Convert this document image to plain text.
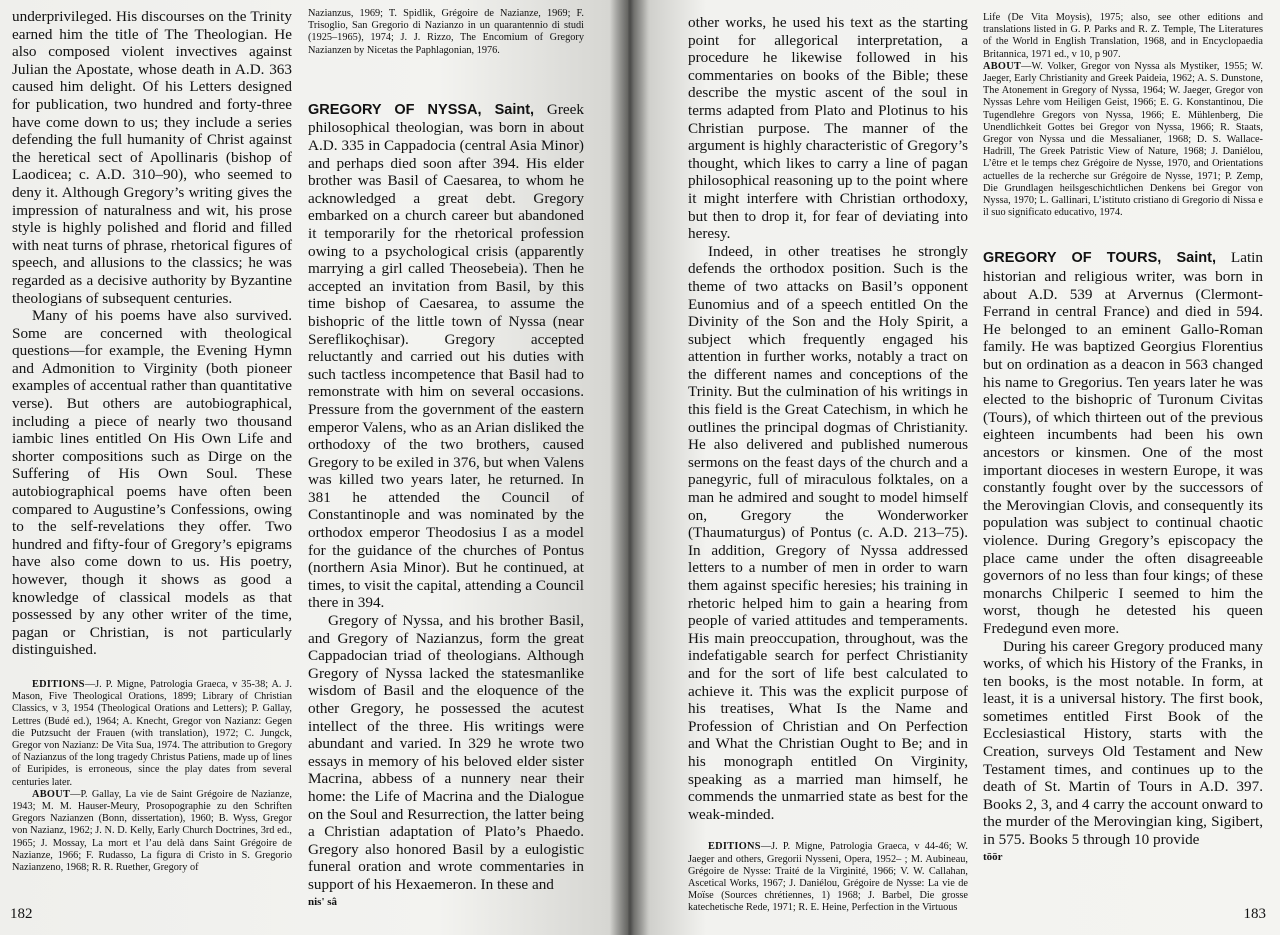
underprivileged. His discourses on the Trinity earned him the title of The Theologian. He also composed violent invectives against Julian the Apostate, whose death in A.D. 363 caused him delight. Of his Letters designed for publication, two hundred and forty-three have come down to us; they include a series defending the full humanity of Christ against the heretical sect of Apollinaris (bishop of Laodicea; c. A.D. 310–90), who seemed to deny it. Although Gregory’s writing gives the impression of naturalness and wit, his prose style is highly polished and florid and filled with neat turns of phrase, rhetorical figures of speech, and allusions to the classics; he was regarded as a decisive authority by Byzantine theologians of subsequent centuries.

Many of his poems have also survived. Some are concerned with theological questions—for example, the Evening Hymn and Admonition to Virginity (both pioneer examples of accentual rather than quantitative verse). But others are autobiographical, including a piece of nearly two thousand iambic lines entitled On His Own Life and shorter compositions such as Dirge on the Suffering of His Own Soul. These autobiographical poems have often been compared to Augustine’s Confessions, owing to the self-revelations they offer. Two hundred and fifty-four of Gregory’s epigrams have also come down to us. His poetry, however, though it shows as good a knowledge of classical models as that possessed by any other writer of the time, pagan or Christian, is not particularly distinguished.

EDITIONS—J. P. Migne, Patrologia Graeca, v 35-38; A. J. Mason, Five Theological Orations, 1899; Library of Christian Classics, v 3, 1954 (Theological Orations and Letters); P. Gallay, Lettres (Budé ed.), 1964; A. Knecht, Gregor von Nazianz: Gegen die Putzsucht der Frauen (with translation), 1972; C. Jungck, Gregor von Nazianz: De Vita Sua, 1974. The attribution to Gregory of Nazianzus of the long tragedy Christus Patiens, made up of lines of Euripides, is erroneous, since the play dates from several centuries later.

ABOUT—P. Gallay, La vie de Saint Grégoire de Nazianze, 1943; M. M. Hauser-Meury, Prosopographie zu den Schriften Gregors Nazianzen (Bonn, dissertation), 1960; B. Wyss, Gregor von Nazianz, 1962; J. N. D. Kelly, Early Church Doctrines, 3rd ed., 1965; J. Mossay, La mort et l’au delà dans Saint Grégoire de Nazianze, 1966; F. Rudasso, La figura di Cristo in S. Gregorio Nazianzeno, 1968; R. R. Ruether, Gregory of

Nazianzus, 1969; T. Spidlik, Grégoire de Nazianze, 1969; F. Trisoglio, San Gregorio di Nazianzo in un quarantennio di studi (1925–1965), 1974; J. J. Rizzo, The Encomium of Gregory Nazianzen by Nicetas the Paphlagonian, 1976.

GREGORY OF NYSSA, Saint, Greek philosophical theologian, was born in about A.D. 335 in Cappadocia (central Asia Minor) and perhaps died soon after 394. His elder brother was Basil of Caesarea, to whom he acknowledged a great debt. Gregory embarked on a church career but abandoned it temporarily for the rhetorical profession owing to a psychological crisis (apparently marrying a girl called Theosebeia). Then he accepted an invitation from Basil, by this time bishop of Caesarea, to assume the bishopric of the little town of Nyssa (near Sereflikoçhisar). Gregory accepted reluctantly and carried out his duties with such tactless incompetence that Basil had to remonstrate with him on several occasions. Pressure from the government of the eastern emperor Valens, who as an Arian disliked the orthodoxy of the two brothers, caused Gregory to be exiled in 376, but when Valens was killed two years later, he returned. In 381 he attended the Council of Constantinople and was nominated by the orthodox emperor Theodosius I as a model for the guidance of the churches of Pontus (northern Asia Minor). But he continued, at times, to visit the capital, attending a Council there in 394.

Gregory of Nyssa, and his brother Basil, and Gregory of Nazianzus, form the great Cappadocian triad of theologians. Although Gregory of Nyssa lacked the statesmanlike wisdom of Basil and the eloquence of the other Gregory, he possessed the acutest intellect of the three. His writings were abundant and varied. In 329 he wrote two essays in memory of his beloved elder sister Macrina, abbess of a nunnery near their home: the Life of Macrina and the Dialogue on the Soul and Resurrection, the latter being a Christian adaptation of Plato’s Phaedo. Gregory also honored Basil by a eulogistic funeral oration and wrote commentaries in support of his Hexaemeron. In these and

nis' sâ
182

other works, he used his text as the starting point for allegorical interpretation, a procedure he likewise followed in his commentaries on books of the Bible; these describe the mystic ascent of the soul in terms adapted from Plato and Plotinus to his Christian purpose. The manner of the argument is highly characteristic of Gregory’s thought, which likes to carry a line of pagan philosophical reasoning up to the point where it might interfere with Christian orthodoxy, but then to drop it, for fear of deviating into heresy.

Indeed, in other treatises he strongly defends the orthodox position. Such is the theme of two attacks on Basil’s opponent Eunomius and of a speech entitled On the Divinity of the Son and the Holy Spirit, a subject which frequently engaged his attention in further works, notably a tract on the different names and conceptions of the Trinity. But the culmination of his writings in this field is the Great Catechism, in which he outlines the principal dogmas of Christianity. He also delivered and published numerous sermons on the feast days of the church and a panegyric, full of miraculous folktales, on a man he admired and sought to model himself on, Gregory the Wonderworker (Thaumaturgus) of Pontus (c. A.D. 213–75). In addition, Gregory of Nyssa addressed letters to a number of men in order to warn them against specific heresies; his training in rhetoric helped him to gain a hearing from people of varied attitudes and temperaments. His main preoccupation, throughout, was the indefatigable search for perfect Christianity and for the sort of life best calculated to achieve it. This was the explicit purpose of his treatises, What Is the Name and Profession of Christian and On Perfection and What the Christian Ought to Be; and in his monograph entitled On Virginity, speaking as a married man himself, he commends the unmarried state as best for the weak-minded.

EDITIONS—J. P. Migne, Patrologia Graeca, v 44-46; W. Jaeger and others, Gregorii Nysseni, Opera, 1952– ; M. Aubineau, Grégoire de Nysse: Traité de la Virginité, 1966; V. W. Callahan, Ascetical Works, 1967; J. Daniélou, Grégoire de Nysse: La vie de Moïse (Sources chrétiennes, 1) 1968; J. Barbel, Die grosse katechetische Rede, 1971; R. E. Heine, Perfection in the Virtuous

Life (De Vita Moysis), 1975; also, see other editions and translations listed in G. P. Parks and R. Z. Temple, The Literatures of the World in English Translation, 1968, and in Encyclopaedia Britannica, 1971 ed., v 10, p 907.

ABOUT—W. Volker, Gregor von Nyssa als Mystiker, 1955; W. Jaeger, Early Christianity and Greek Paideia, 1962; A. S. Dunstone, The Atonement in Gregory of Nyssa, 1964; W. Jaeger, Gregor von Nyssas Lehre vom Heiligen Geist, 1966; E. G. Konstantinou, Die Tugendlehre Gregors von Nyssa, 1966; E. Mühlenberg, Die Unendlichkeit Gottes bei Gregor von Nyssa, 1966; R. Staats, Gregor von Nyssa und die Messalianer, 1968; D. S. Wallace-Hadrill, The Greek Patristic View of Nature, 1968; J. Daniélou, L’être et le temps chez Grégoire de Nysse, 1970, and Orientations actuelles de la recherche sur Grégoire de Nysse, 1971; P. Zemp, Die Grundlagen heilsgeschichtlichen Denkens bei Gregor von Nyssa, 1970; L. Gallinari, L’istituto cristiano di Gregorio di Nissa e il suo significato educativo, 1974.

GREGORY OF TOURS, Saint, Latin historian and religious writer, was born in about A.D. 539 at Arvernus (Clermont-Ferrand in central France) and died in 594. He belonged to an eminent Gallo-Roman family. He was baptized Georgius Florentius but on ordination as a deacon in 563 changed his name to Gregorius. Ten years later he was elected to the bishopric of Turonum Civitas (Tours), of which thirteen out of the previous eighteen incumbents had been his own ancestors or kinsmen. One of the most important dioceses in western Europe, it was constantly fought over by the successors of the Merovingian Clovis, and consequently its population was subject to continual chaotic violence. During Gregory’s episcopacy the place came under the often disagreeable governors of no less than four kings; of these monarchs Chilperic I seemed to him the worst, though he detested his queen Fredegund even more.

During his career Gregory produced many works, of which his History of the Franks, in ten books, is the most notable. In form, at least, it is a universal history. The first book, sometimes entitled First Book of the Ecclesiastical History, starts with the Creation, surveys Old Testament and New Testament times, and continues up to the death of St. Martin of Tours in A.D. 397. Books 2, 3, and 4 carry the account onward to the murder of the Merovingian king, Sigibert, in 575. Books 5 through 10 provide

tōōr
183
